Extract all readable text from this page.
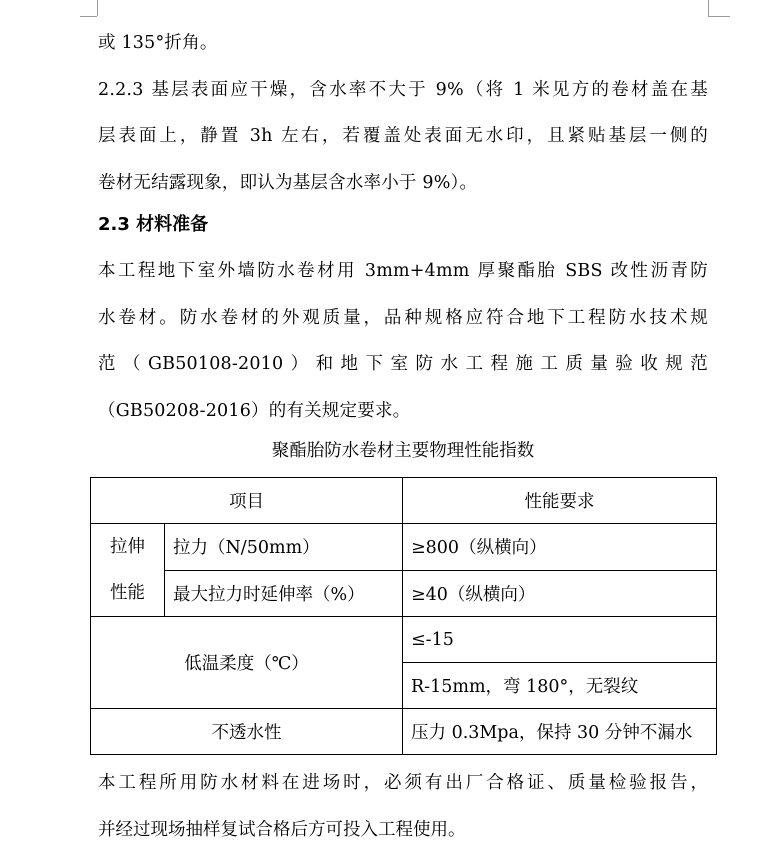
或 135°折角。
2.2.3 基层表面应干燥，含水率不大于 9%（将 1 米见方的卷材盖在基
层表面上，静置 3h 左右，若覆盖处表面无水印，且紧贴基层一侧的
卷材无结露现象，即认为基层含水率小于 9%）。
2.3 材料准备
本工程地下室外墙防水卷材用 3mm+4mm 厚聚酯胎 SBS 改性沥青防
水卷材。防水卷材的外观质量，品种规格应符合地下工程防水技术规
范（GB50108-2010）和地下室防水工程施工质量验收规范
（GB50208-2016）的有关规定要求。
聚酯胎防水卷材主要物理性能指数
项目		性能要求

拉伸
性能	拉力（N/50mm）	≥800（纵横向）
	最大拉力时延伸率（%）	≥40（纵横向）
低温柔度（℃）		≤-15
		R-15mm，弯 180°，无裂纹
不透水性		压力 0.3Mpa，保持 30 分钟不漏水
本工程所用防水材料在进场时，必须有出厂合格证、质量检验报告，
并经过现场抽样复试合格后方可投入工程使用。
